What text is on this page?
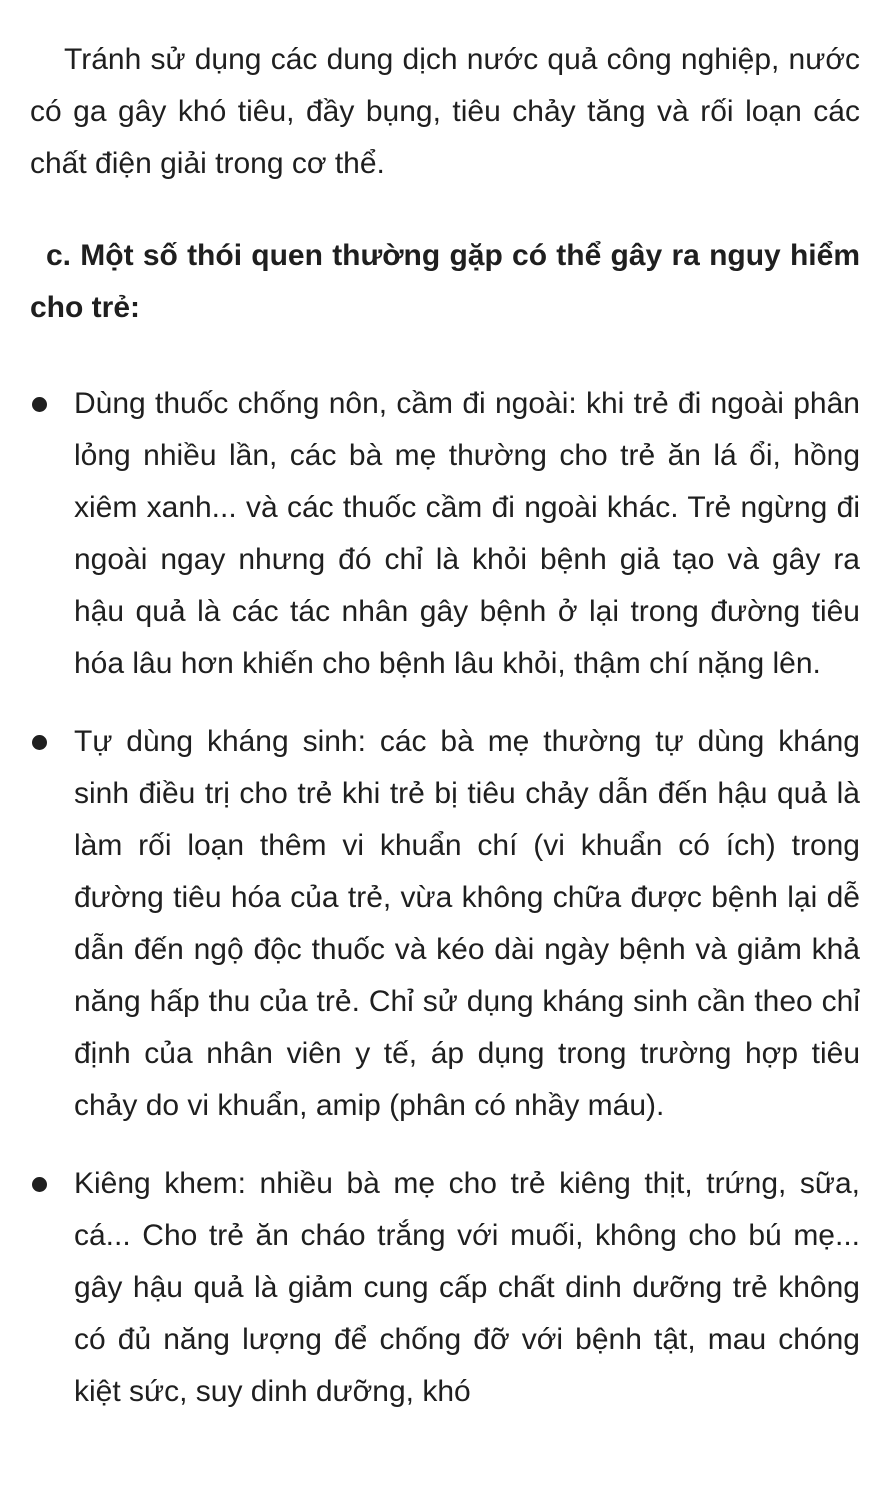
Tránh sử dụng các dung dịch nước quả công nghiệp, nước có ga gây khó tiêu, đầy bụng, tiêu chảy tăng và rối loạn các chất điện giải trong cơ thể.
c. Một số thói quen thường gặp có thể gây ra nguy hiểm cho trẻ:
Dùng thuốc chống nôn, cầm đi ngoài: khi trẻ đi ngoài phân lỏng nhiều lần, các bà mẹ thường cho trẻ ăn lá ổi, hồng xiêm xanh... và các thuốc cầm đi ngoài khác. Trẻ ngừng đi ngoài ngay nhưng đó chỉ là khỏi bệnh giả tạo và gây ra hậu quả là các tác nhân gây bệnh ở lại trong đường tiêu hóa lâu hơn khiến cho bệnh lâu khỏi, thậm chí nặng lên.
Tự dùng kháng sinh: các bà mẹ thường tự dùng kháng sinh điều trị cho trẻ khi trẻ bị tiêu chảy dẫn đến hậu quả là làm rối loạn thêm vi khuẩn chí (vi khuẩn có ích) trong đường tiêu hóa của trẻ, vừa không chữa được bệnh lại dễ dẫn đến ngộ độc thuốc và kéo dài ngày bệnh và giảm khả năng hấp thu của trẻ. Chỉ sử dụng kháng sinh cần theo chỉ định của nhân viên y tế, áp dụng trong trường hợp tiêu chảy do vi khuẩn, amip (phân có nhầy máu).
Kiêng khem: nhiều bà mẹ cho trẻ kiêng thịt, trứng, sữa, cá... Cho trẻ ăn cháo trắng với muối, không cho bú mẹ... gây hậu quả là giảm cung cấp chất dinh dưỡng trẻ không có đủ năng lượng để chống đỡ với bệnh tật, mau chóng kiệt sức, suy dinh dưỡng, khó
